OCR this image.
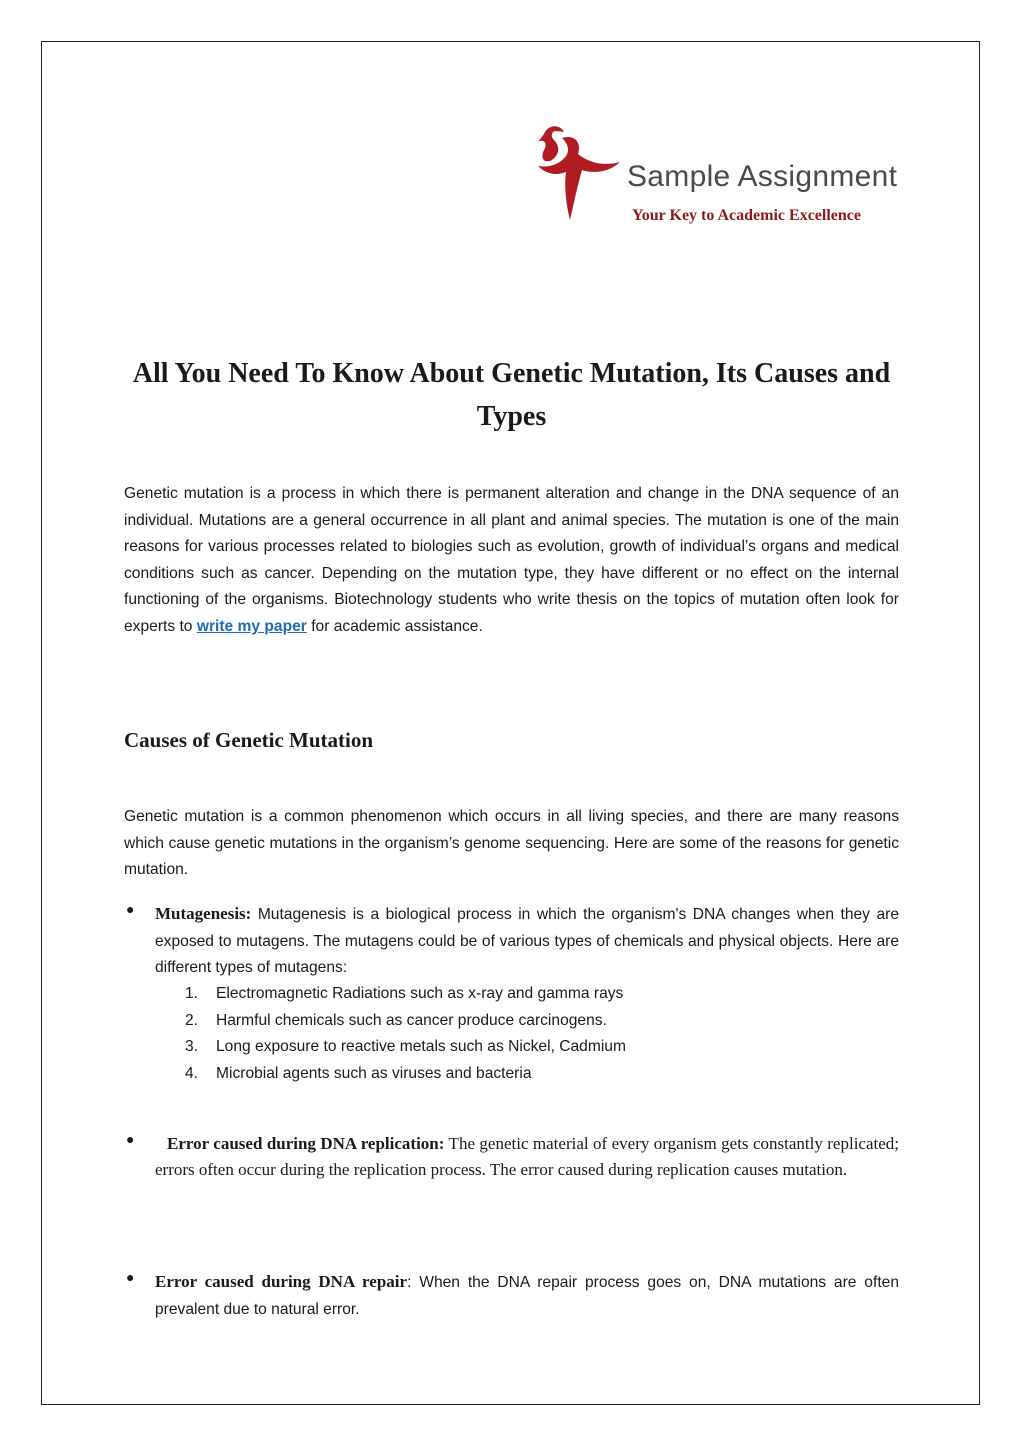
Sample Assignment
Your Key to Academic Excellence
All You Need To Know About Genetic Mutation, Its Causes and Types

Genetic mutation is a process in which there is permanent alteration and change in the DNA sequence of an individual. Mutations are a general occurrence in all plant and animal species. The mutation is one of the main reasons for various processes related to biologies such as evolution, growth of individual’s organs and medical conditions such as cancer. Depending on the mutation type, they have different or no effect on the internal functioning of the organisms. Biotechnology students who write thesis on the topics of mutation often look for experts to write my paper for academic assistance.

Causes of Genetic Mutation

Genetic mutation is a common phenomenon which occurs in all living species, and there are many reasons which cause genetic mutations in the organism’s genome sequencing. Here are some of the reasons for genetic mutation.

● Mutagenesis: Mutagenesis is a biological process in which the organism's DNA changes when they are exposed to mutagens. The mutagens could be of various types of chemicals and physical objects. Here are different types of mutagens:
1. Electromagnetic Radiations such as x-ray and gamma rays
2. Harmful chemicals such as cancer produce carcinogens.
3. Long exposure to reactive metals such as Nickel, Cadmium
4. Microbial agents such as viruses and bacteria
●	Error caused during DNA replication: The genetic material of every organism gets constantly replicated; errors often occur during the replication process. The error caused during replication causes mutation.
● Error caused during DNA repair: When the DNA repair process goes on, DNA mutations are often prevalent due to natural error.
